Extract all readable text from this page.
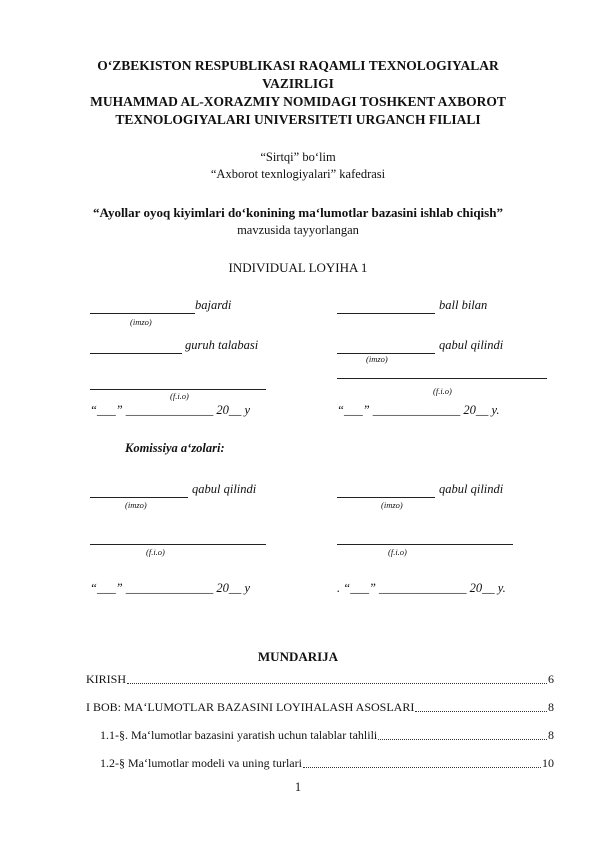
O‘ZBEKISTON RESPUBLIKASI RAQAMLI TEXNOLOGIYALAR
VAZIRLIGI
MUHAMMAD AL-XORAZMIY NOMIDAGI TOSHKENT AXBOROT
TEXNOLOGIYALARI UNIVERSITETI URGANCH FILIALI
“Sirtqi” bo‘lim
“Axborot texnlogiyalari” kafedrasi
“Ayollar oyoq kiyimlari do‘konining ma‘lumotlar bazasini ishlab chiqish”
mavzusida tayyorlangan
INDIVIDUAL LOYIHA 1
bajardi
(imzo)
guruh talabasi
(f.i.o)
“___” ______________ 20__ y
ball bilan
qabul qilindi
(imzo)
(f.i.o)
“___” ______________ 20__ y.
Komissiya a‘zolari:
qabul qilindi
(imzo)
(f.i.o)
“___” ______________ 20__ y
qabul qilindi
(imzo)
(f.i.o)
. “___” ______________ 20__ y.
MUNDARIJA
KIRISH	6
I BOB: MA‘LUMOTLAR BAZASINI LOYIHALASH ASOSLARI	8
1.1-§. Ma‘lumotlar bazasini yaratish uchun talablar tahlili	8
1.2-§ Ma‘lumotlar modeli va uning turlari	10
1
